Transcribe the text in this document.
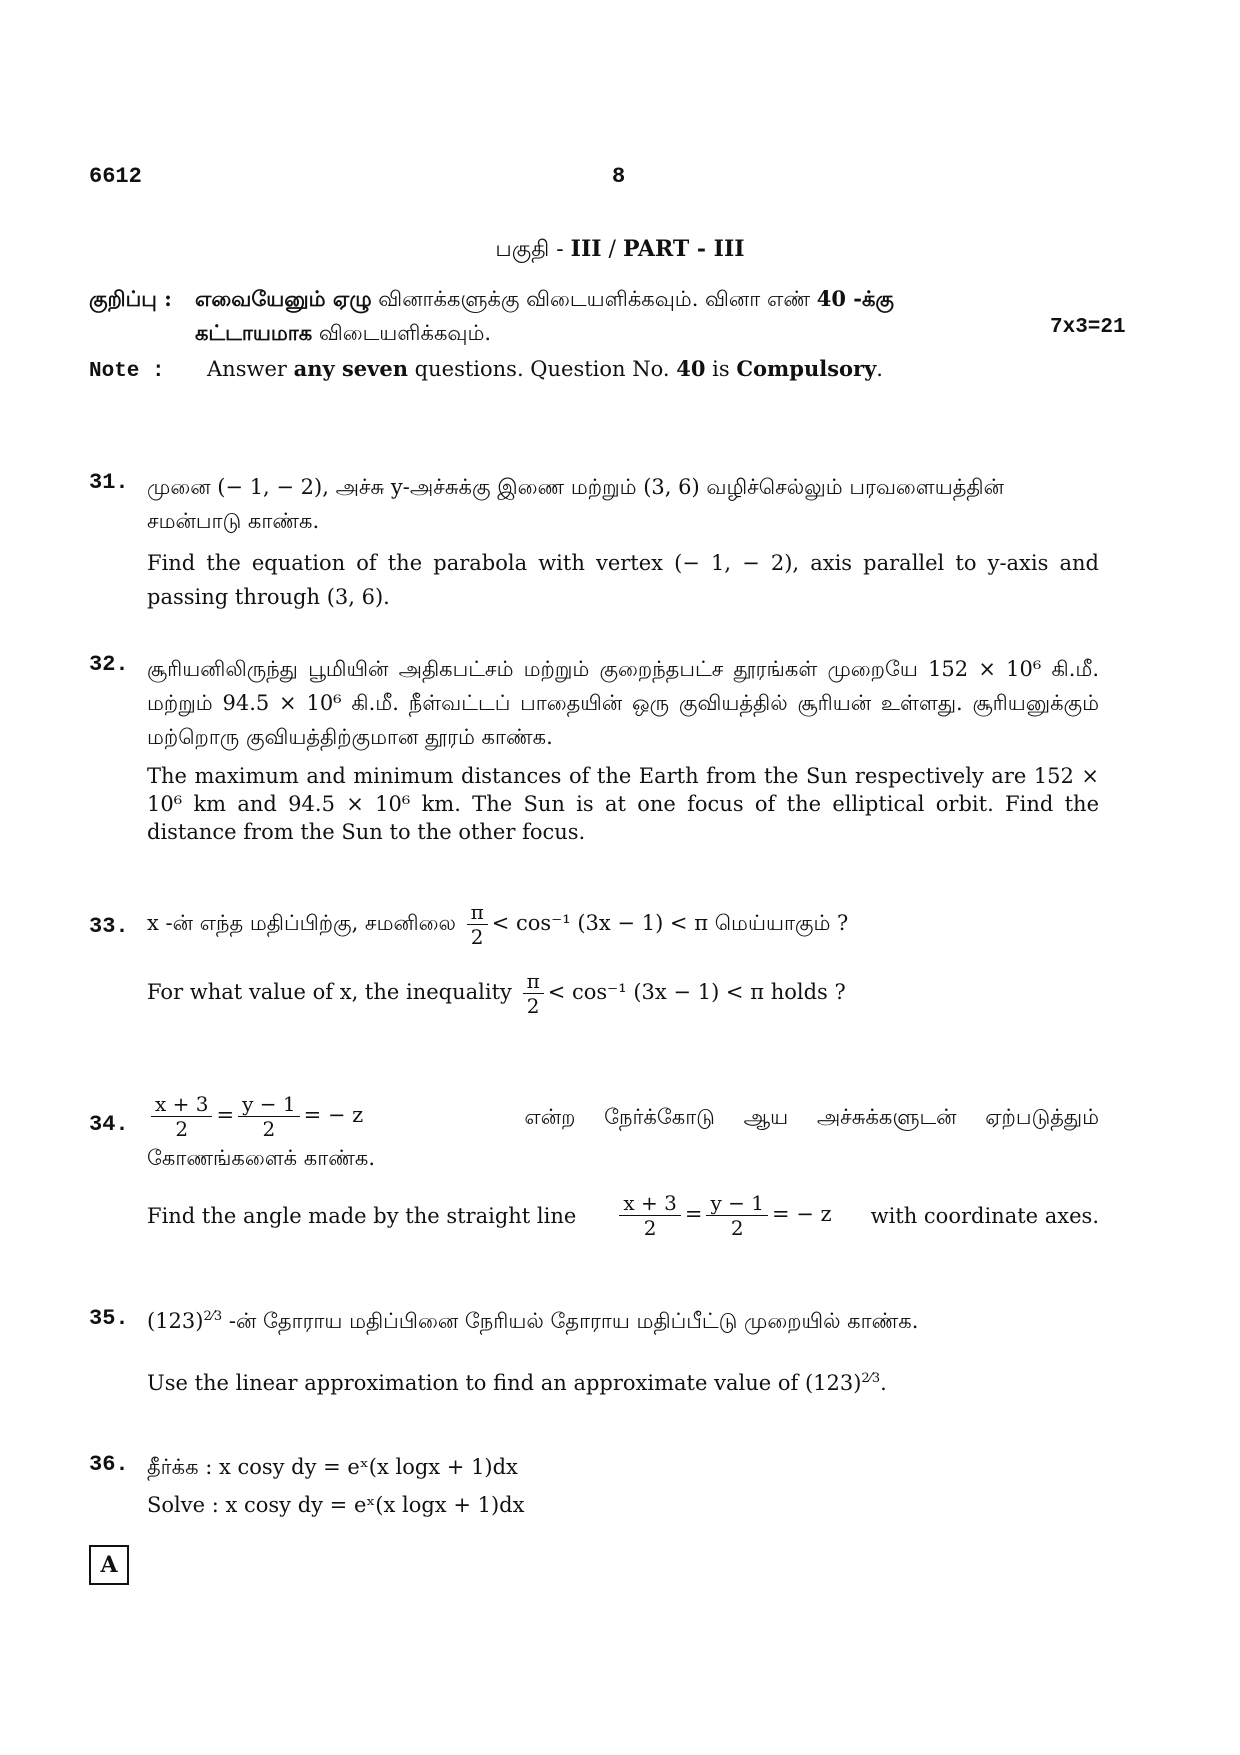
6612	8
பகுதி - III / PART - III
குறிப்பு : எவையேனும் ஏழு வினாக்களுக்கு விடையளிக்கவும். வினா எண் 40 -க்கு
கட்டாயமாக விடையளிக்கவும்.	7x3=21
Note : Answer any seven questions. Question No. 40 is Compulsory.
31. முனை (− 1, − 2), அச்சு y-அச்சுக்கு இணை மற்றும் (3, 6) வழிச்செல்லும் பரவளையத்தின் சமன்பாடு காண்க.
Find the equation of the parabola with vertex (− 1, − 2), axis parallel to y-axis and passing through (3, 6).
32. சூரியனிலிருந்து பூமியின் அதிகபட்சம் மற்றும் குறைந்தபட்ச தூரங்கள் முறையே 152 × 10⁶ கி.மீ. மற்றும் 94.5 × 10⁶ கி.மீ. நீள்வட்டப் பாதையின் ஒரு குவியத்தில் சூரியன் உள்ளது. சூரியனுக்கும் மற்றொரு குவியத்திற்குமான தூரம் காண்க.
The maximum and minimum distances of the Earth from the Sun respectively are 152 × 10⁶ km and 94.5 × 10⁶ km. The Sun is at one focus of the elliptical orbit. Find the distance from the Sun to the other focus.
33. x -ன் எந்த மதிப்பிற்கு, சமனிலை $\frac{\pi}{2} < \cos^{-1}$ (3x − 1) < π மெய்யாகும் ?
For what value of x, the inequality $\frac{\pi}{2} < \cos^{-1}$ (3x − 1) < π holds ?
34. $\frac{x + 3}{2} = \frac{y - 1}{2}$ = − z	என்ற நேர்க்கோடு ஆய அச்சுக்களுடன் ஏற்படுத்தும்
கோணங்களைக் காண்க.
Find the angle made by the straight line $\frac{x + 3}{2} = \frac{y - 1}{2}$ = − z with coordinate axes.
35. $(123)^{2⁄3}$ -ன் தோராய மதிப்பினை நேரியல் தோராய மதிப்பீட்டு முறையில் காண்க.
Use the linear approximation to find an approximate value of $(123)^{2⁄3}$.
36. தீர்க்க : x cosy dy = eˣ(x logx + 1)dx
Solve : x cosy dy = eˣ(x logx + 1)dx
A
